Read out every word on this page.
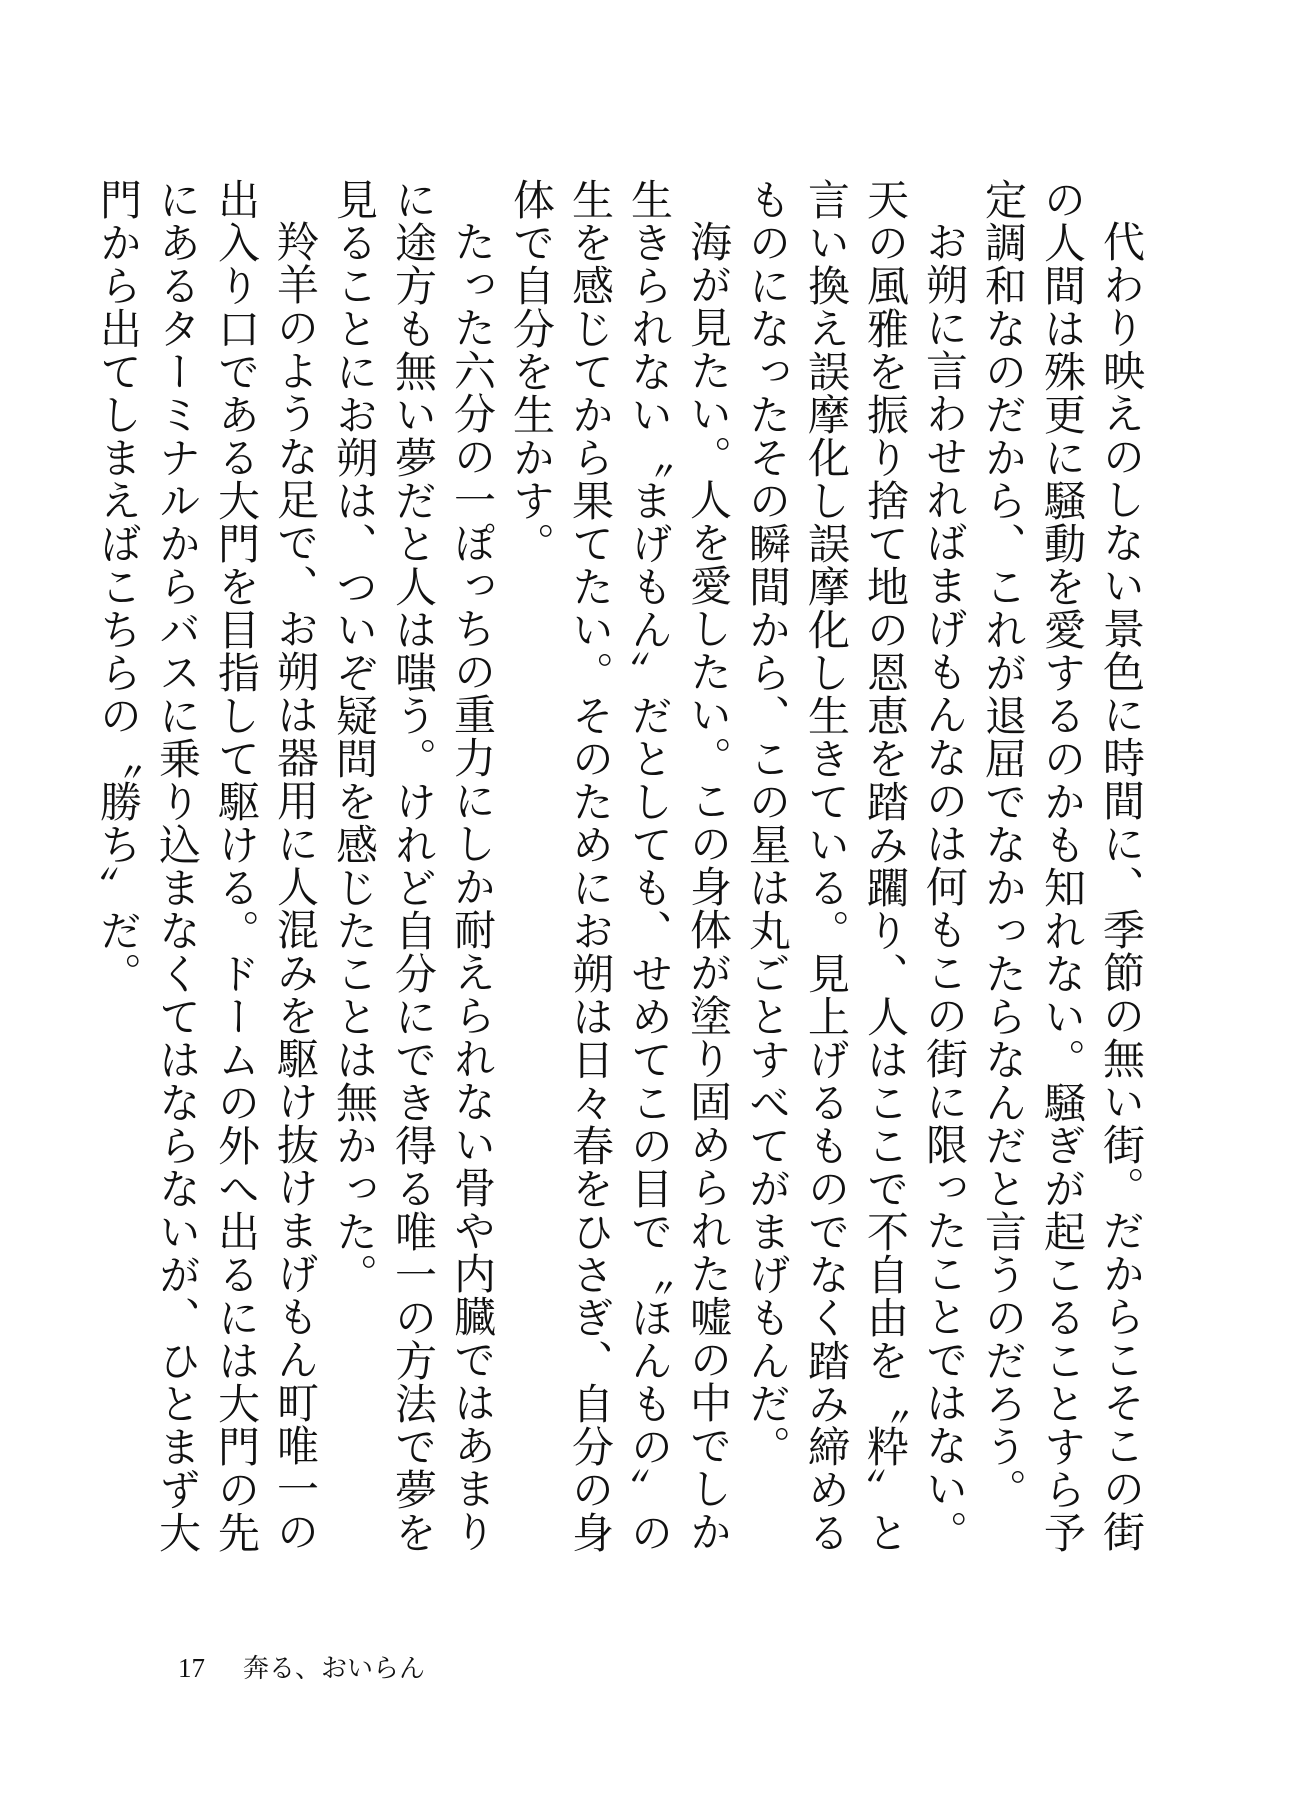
代わり映えのしない景色に時間に、季節の無い街。だからこそこの街の人間は殊更に騒動を愛するのかも知れない。騒ぎが起こることすら予定調和なのだから、これが退屈でなかったらなんだと言うのだろう。

お朔に言わせればまげもんなのは何もこの街に限ったことではない。

天の風雅を振り捨て地の恩恵を踏み躙り、人はここで不自由を〝粋〟と言い換え誤摩化し誤摩化し生きている。見上げるものでなく踏み締めるものになったその瞬間から、この星は丸ごとすべてがまげもんだ。

海が見たい。人を愛したい。この身体が塗り固められた嘘の中でしか生きられない〝まげもん〟だとしても、せめてこの目で〝ほんもの〟の生を感じてから果てたい。そのためにお朔は日々春をひさぎ、自分の身体で自分を生かす。

たった六分の一ぽっちの重力にしか耐えられない骨や内臓ではあまりに途方も無い夢だと人は嗤う。けれど自分にでき得る唯一の方法で夢を見ることにお朔は、ついぞ疑問を感じたことは無かった。

羚羊のような足で、お朔は器用に人混みを駆け抜けまげもん町唯一の出入り口である大門を目指して駆ける。ドームの外へ出るには大門の先にあるターミナルからバスに乗り込まなくてはならないが、ひとまず大門から出てしまえばこちらの〝勝ち〟だ。

17 奔る、おいらん
